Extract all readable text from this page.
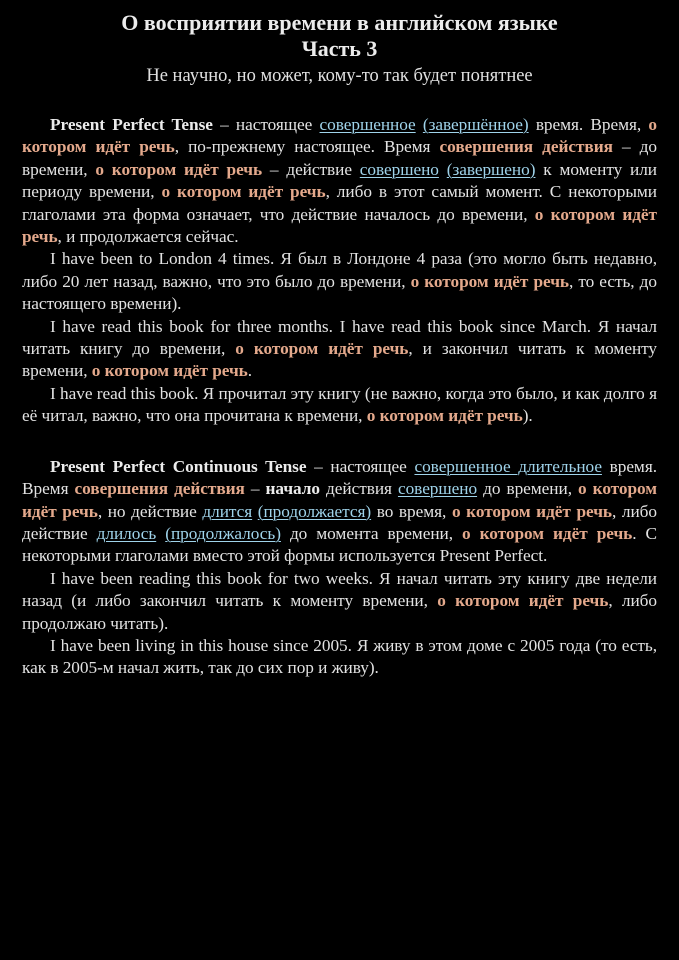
О восприятии времени в английском языке
Часть 3

Не научно, но может, кому-то так будет понятнее

Present Perfect Tense – настоящее совершенное (завершённое) время. Время, о котором идёт речь, по-прежнему настоящее. Время совершения действия – до времени, о котором идёт речь – действие совершено (завершено) к моменту или периоду времени, о котором идёт речь, либо в этот самый момент. С некоторыми глаголами эта форма означает, что действие началось до времени, о котором идёт речь, и продолжается сейчас.

I have been to London 4 times. Я был в Лондоне 4 раза (это могло быть недавно, либо 20 лет назад, важно, что это было до времени, о котором идёт речь, то есть, до настоящего времени).

I have read this book for three months. I have read this book since March. Я начал читать книгу до времени, о котором идёт речь, и закончил читать к моменту времени, о котором идёт речь.

I have read this book. Я прочитал эту книгу (не важно, когда это было, и как долго я её читал, важно, что она прочитана к времени, о котором идёт речь).

Present Perfect Continuous Tense – настоящее совершенное длительное время. Время совершения действия – начало действия совершено до времени, о котором идёт речь, но действие длится (продолжается) во время, о котором идёт речь, либо действие длилось (продолжалось) до момента времени, о котором идёт речь. С некоторыми глаголами вместо этой формы используется Present Perfect.

I have been reading this book for two weeks. Я начал читать эту книгу две недели назад (и либо закончил читать к моменту времени, о котором идёт речь, либо продолжаю читать).

I have been living in this house since 2005. Я живу в этом доме с 2005 года (то есть, как в 2005-м начал жить, так до сих пор и живу).
